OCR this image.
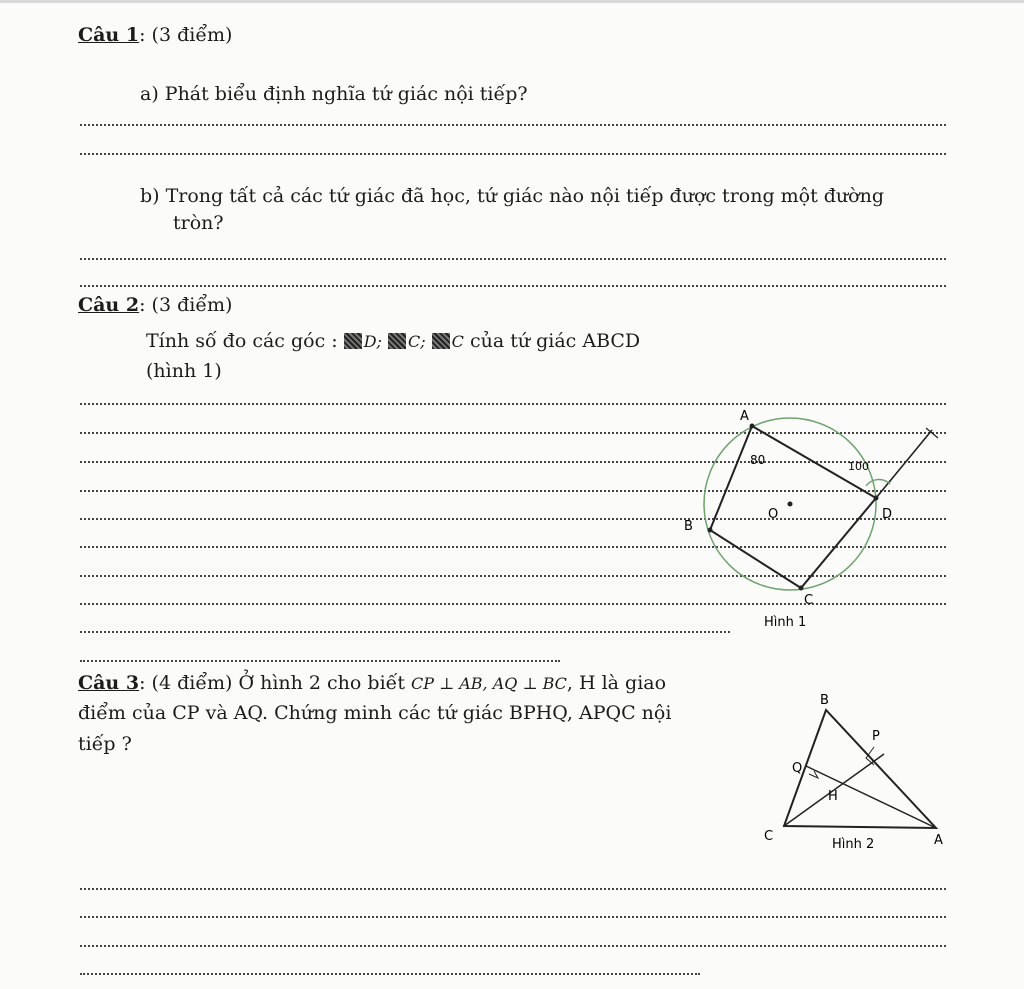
Câu 1: (3 điểm)
a) Phát biểu định nghĩa tứ giác nội tiếp?
b) Trong tất cả các tứ giác đã học, tứ giác nào nội tiếp được trong một đường
tròn?
Câu 2: (3 điểm)
Tính số đo các góc : D; C; C của tứ giác ABCD
(hình 1)
A
B
C
D
O
80	100
Hình 1
Câu 3: (4 điểm) Ở hình 2 cho biết CP ⊥ AB, AQ ⊥ BC, H là giao
điểm của CP và AQ. Chứng minh các tứ giác BPHQ, APQC nội
tiếp ?
B
P
Q
H
C	A
Hình 2
